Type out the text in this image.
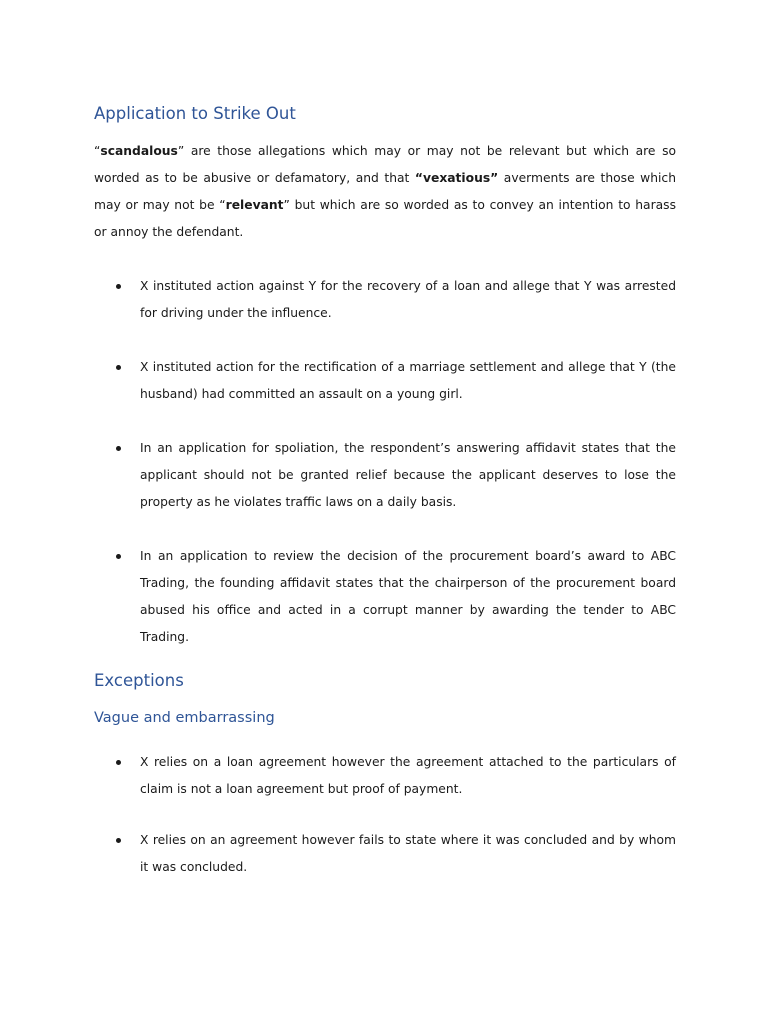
Application to Strike Out

“scandalous” are those allegations which may or may not be relevant but which are so worded as to be abusive or defamatory, and that “vexatious” averments are those which may or may not be “relevant” but which are so worded as to convey an intention to harass or annoy the defendant.

X instituted action against Y for the recovery of a loan and allege that Y was arrested for driving under the influence.
X instituted action for the rectification of a marriage settlement and allege that Y (the husband) had committed an assault on a young girl.
In an application for spoliation, the respondent’s answering affidavit states that the applicant should not be granted relief because the applicant deserves to lose the property as he violates traffic laws on a daily basis.
In an application to review the decision of the procurement board’s award to ABC Trading, the founding affidavit states that the chairperson of the procurement board abused his office and acted in a corrupt manner by awarding the tender to ABC Trading.
Exceptions
Vague and embarrassing
X relies on a loan agreement however the agreement attached to the particulars of claim is not a loan agreement but proof of payment.
X relies on an agreement however fails to state where it was concluded and by whom it was concluded.
